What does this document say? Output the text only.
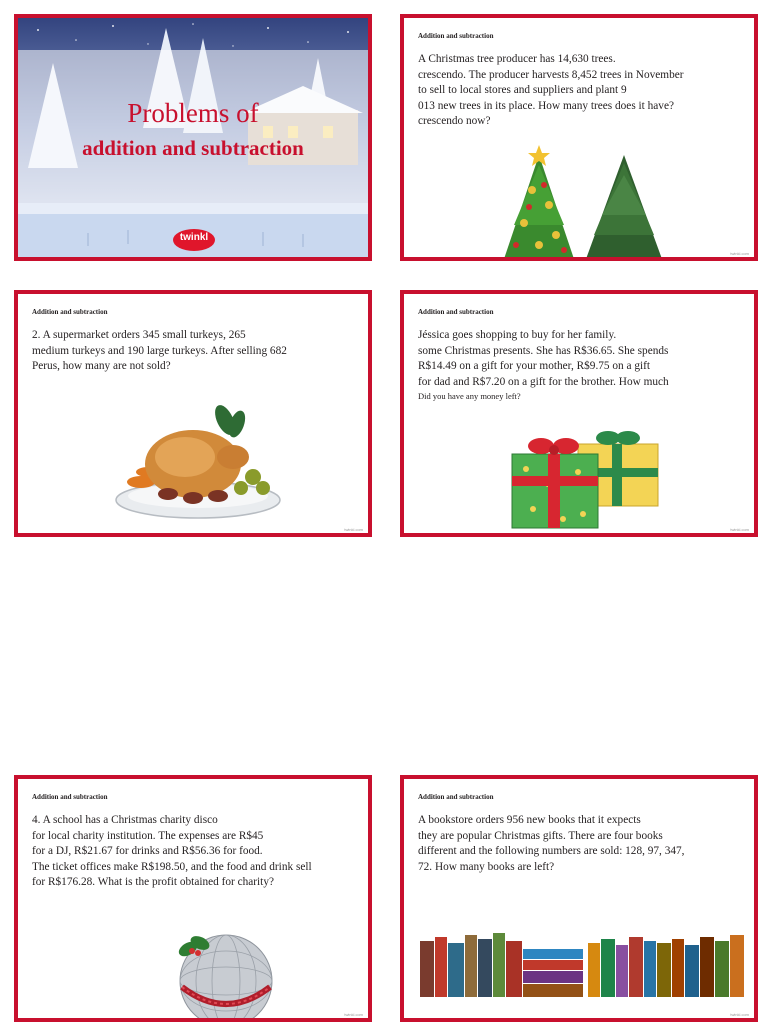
Problems of
addition and subtraction
twinkl
Addition and subtraction
A Christmas tree producer has 14,630 trees.
crescendo. The producer harvests 8,452 trees in November
to sell to local stores and suppliers and plant 9
013 new trees in its place. How many trees does it have?
crescendo now?
twinkl.com
Addition and subtraction
2. A supermarket orders 345 small turkeys, 265
medium turkeys and 190 large turkeys. After selling 682
Perus, how many are not sold?
twinkl.com
Addition and subtraction
Jéssica goes shopping to buy for her family.
some Christmas presents. She has R$36.65. She spends
R$14.49 on a gift for your mother, R$9.75 on a gift
for dad and R$7.20 on a gift for the brother. How much
Did you have any money left?
twinkl.com
Addition and subtraction
4. A school has a Christmas charity disco
for local charity institution. The expenses are R$45
for a DJ, R$21.67 for drinks and R$56.36 for food.
The ticket offices make R$198.50, and the food and drink sell
for R$176.28. What is the profit obtained for charity?
twinkl.com
Addition and subtraction
A bookstore orders 956 new books that it expects
they are popular Christmas gifts. There are four books
different and the following numbers are sold: 128, 97, 347,
72. How many books are left?
twinkl.com
